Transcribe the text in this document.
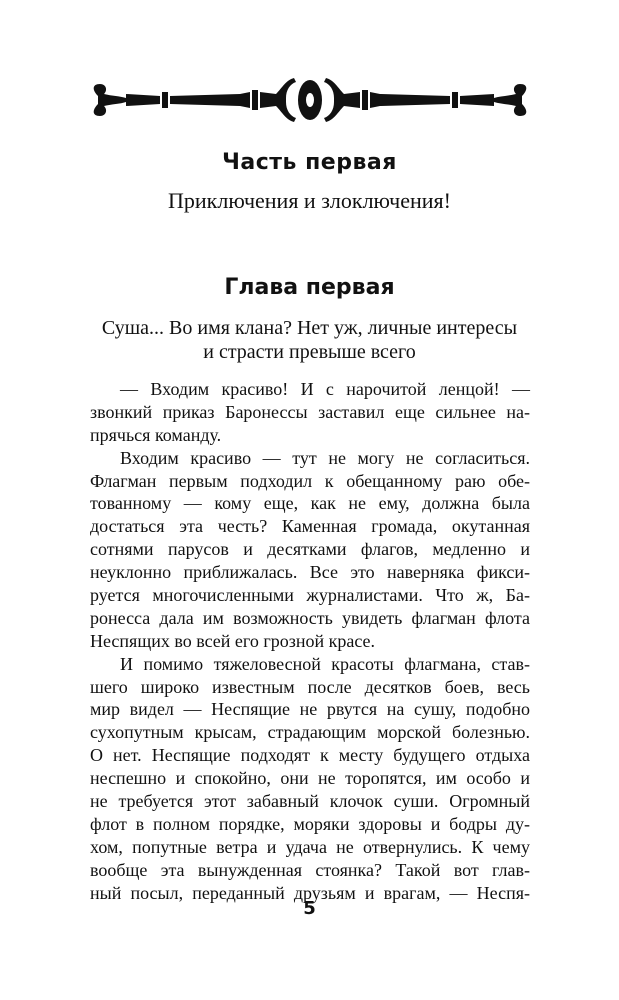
Часть первая
Приключения и злоключения!
Глава первая
Суша... Во имя клана? Нет уж, личные интересы
и страсти превыше всего
— Входим красиво! И с нарочитой ленцой! —
звонкий приказ Баронессы заставил еще сильнее на-
прячься команду.
Входим красиво — тут не могу не согласиться.
Флагман первым подходил к обещанному раю обе-
тованному — кому еще, как не ему, должна была
достаться эта честь? Каменная громада, окутанная
сотнями парусов и десятками флагов, медленно и
неуклонно приближалась. Все это наверняка фикси-
руется многочисленными журналистами. Что ж, Ба-
ронесса дала им возможность увидеть флагман флота
Неспящих во всей его грозной красе.
И помимо тяжеловесной красоты флагмана, став-
шего широко известным после десятков боев, весь
мир видел — Неспящие не рвутся на сушу, подобно
сухопутным крысам, страдающим морской болезнью.
О нет. Неспящие подходят к месту будущего отдыха
неспешно и спокойно, они не торопятся, им особо и
не требуется этот забавный клочок суши. Огромный
флот в полном порядке, моряки здоровы и бодры ду-
хом, попутные ветра и удача не отвернулись. К чему
вообще эта вынужденная стоянка? Такой вот глав-
ный посыл, переданный друзьям и врагам, — Неспя-
5
